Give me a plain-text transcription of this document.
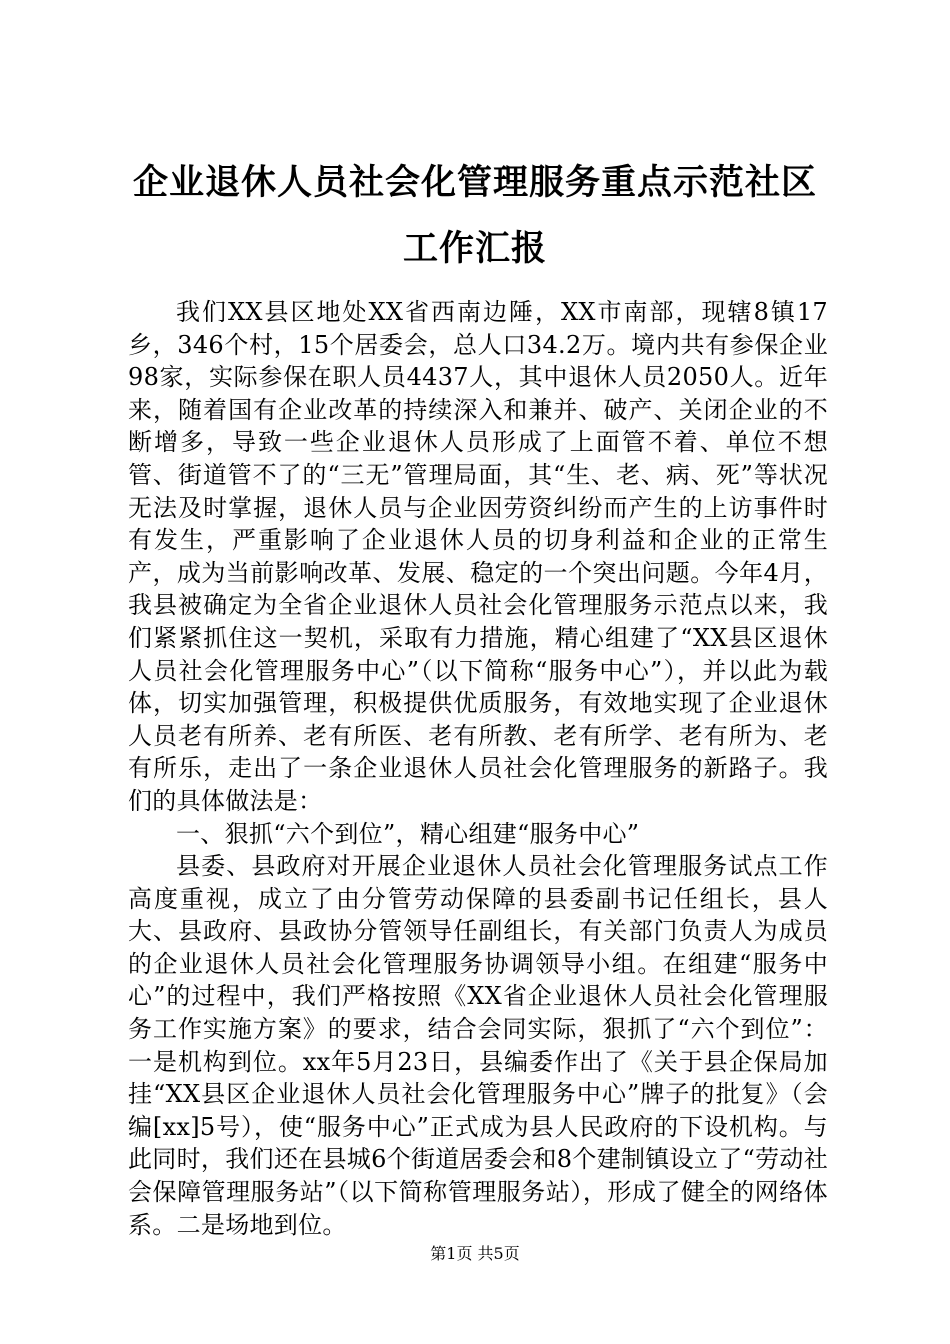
企业退休人员社会化管理服务重点示范社区工作汇报

我们XX县区地处XX省西南边陲，XX市南部，现辖8镇17乡，346个村，15个居委会，总人口34.2万。境内共有参保企业98家，实际参保在职人员4437人，其中退休人员2050人。近年来，随着国有企业改革的持续深入和兼并、破产、关闭企业的不断增多，导致一些企业退休人员形成了上面管不着、单位不想管、街道管不了的“三无”管理局面，其“生、老、病、死”等状况无法及时掌握，退休人员与企业因劳资纠纷而产生的上访事件时有发生，严重影响了企业退休人员的切身利益和企业的正常生产，成为当前影响改革、发展、稳定的一个突出问题。今年4月，我县被确定为全省企业退休人员社会化管理服务示范点以来，我们紧紧抓住这一契机，采取有力措施，精心组建了“XX县区退休人员社会化管理服务中心”（以下简称“服务中心”），并以此为载体，切实加强管理，积极提供优质服务，有效地实现了企业退休人员老有所养、老有所医、老有所教、老有所学、老有所为、老有所乐，走出了一条企业退休人员社会化管理服务的新路子。我们的具体做法是：

一、狠抓“六个到位”，精心组建“服务中心”

县委、县政府对开展企业退休人员社会化管理服务试点工作高度重视，成立了由分管劳动保障的县委副书记任组长，县人大、县政府、县政协分管领导任副组长，有关部门负责人为成员的企业退休人员社会化管理服务协调领导小组。在组建“服务中心”的过程中，我们严格按照《XX省企业退休人员社会化管理服务工作实施方案》的要求，结合会同实际，狠抓了“六个到位”：一是机构到位。xx年5月23日，县编委作出了《关于县企保局加挂“XX县区企业退休人员社会化管理服务中心”牌子的批复》（会编[xx]5号），使“服务中心”正式成为县人民政府的下设机构。与此同时，我们还在县城6个街道居委会和8个建制镇设立了“劳动社会保障管理服务站”（以下简称管理服务站），形成了健全的网络体系。二是场地到位。

第1页 共5页
